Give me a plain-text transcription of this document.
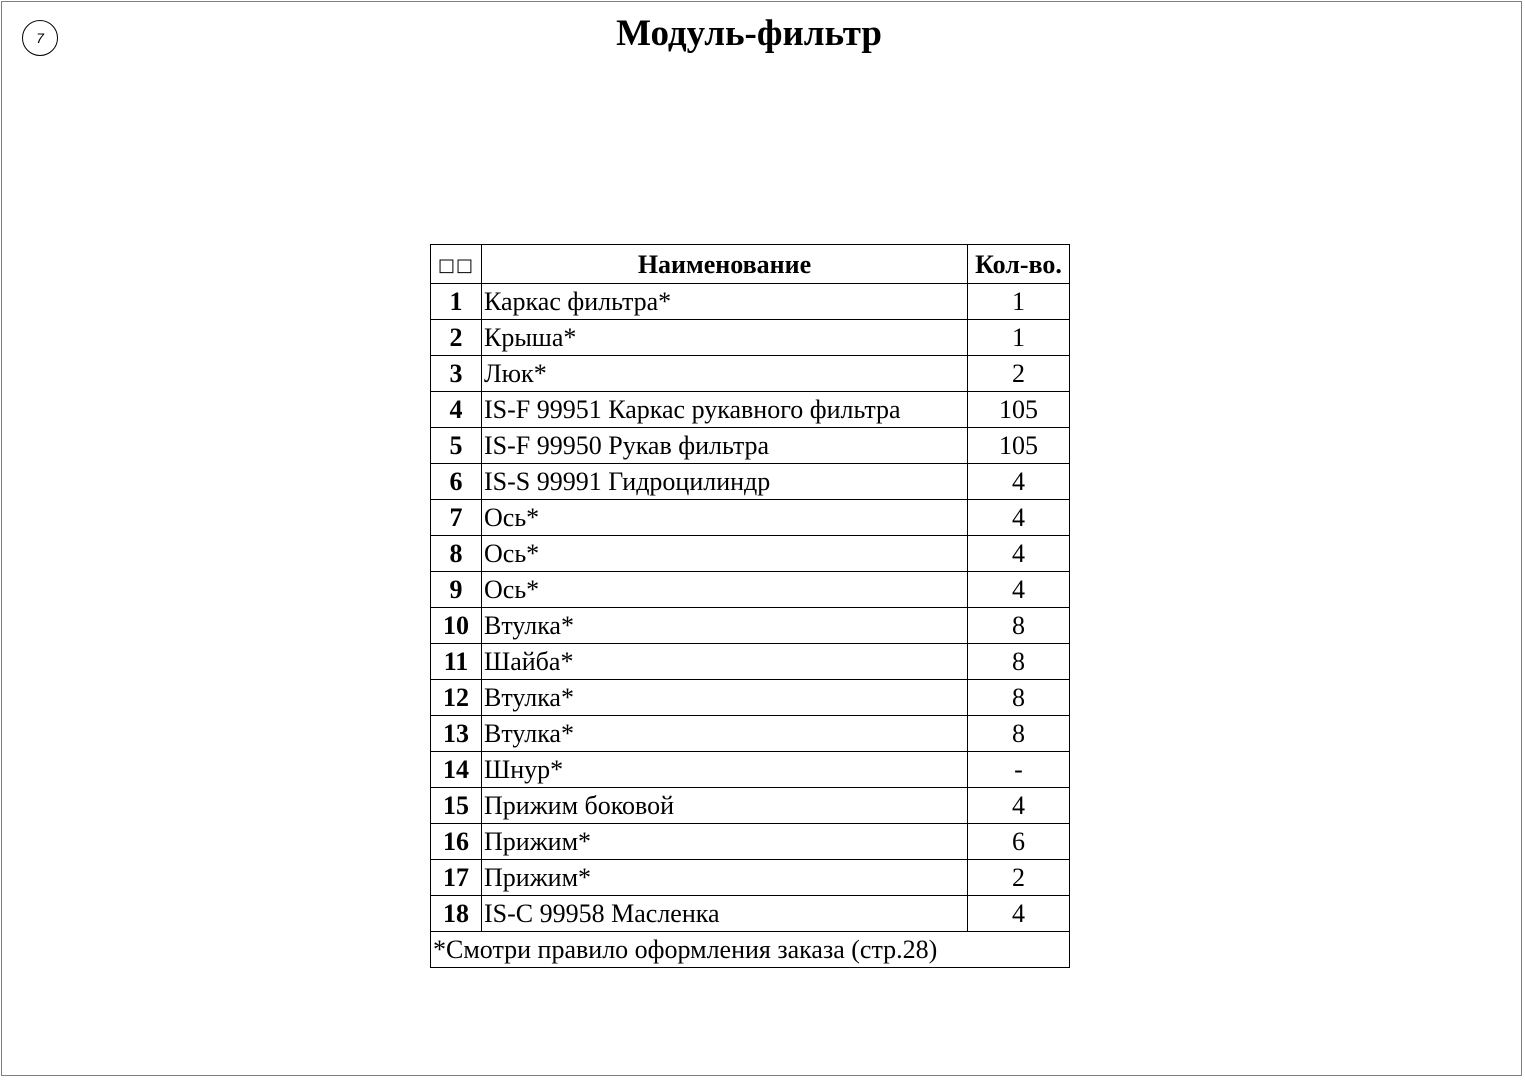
7	Модуль-фильтр
□□	Наименование	Кол-во.
1	Каркас фильтра*	1
2	Крыша*	1
3	Люк*	2
4	IS-F 99951 Каркас рукавного фильтра	105
5	IS-F 99950 Рукав фильтра	105
6	IS-S 99991 Гидроцилиндр	4
7	Ось*	4
8	Ось*	4
9	Ось*	4
10	Втулка*	8
11	Шайба*	8
12	Втулка*	8
13	Втулка*	8
14	Шнур*	-
15	Прижим боковой	4
16	Прижим*	6
17	Прижим*	2
18	IS-C 99958 Масленка	4
*Смотри правило оформления заказа (стр.28)		
